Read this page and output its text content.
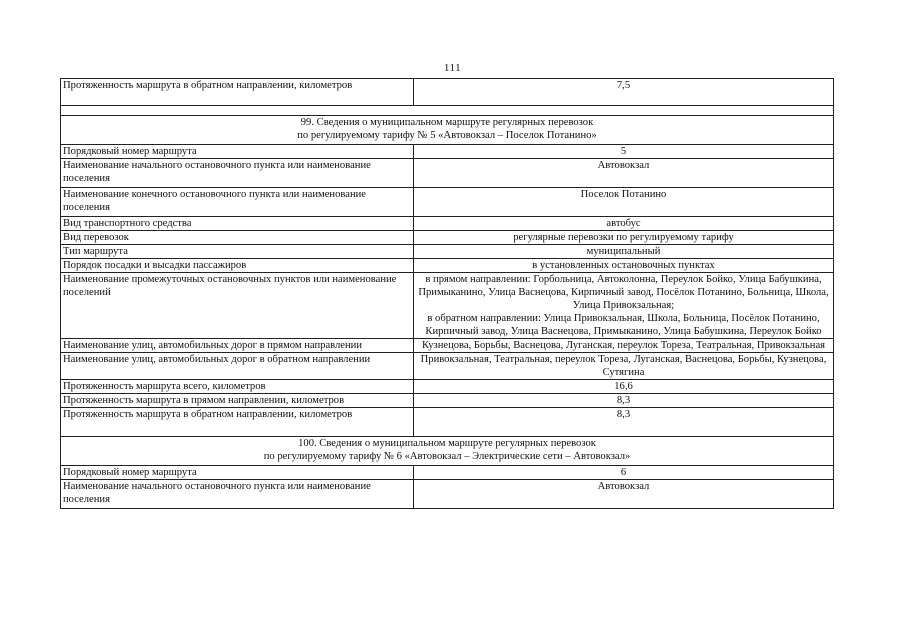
111
Протяженность маршрута в обратном направлении, километров	7,5

99. Сведения о муниципальном маршруте регулярных перевозок
по регулируемому тарифу № 5 «Автовокзал – Поселок Потанино»	

Порядковый номер маршрута	5
Наименование начального остановочного пункта или наименование поселения	Автовокзал
Наименование конечного остановочного пункта или наименование поселения	Поселок Потанино
Вид транспортного средства	автобус
Вид перевозок	регулярные перевозки по регулируемому тарифу
Тип маршрута	муниципальный
Порядок посадки и высадки пассажиров	в установленных остановочных пунктах
Наименование промежуточных остановочных пунктов или наименование поселений	в прямом направлении: Горбольница, Автоколонна, Переулок Бойко, Улица Бабушкина, Примыканино, Улица Васнецова, Кирпичный завод, Посёлок Потанино, Больница, Школа, Улица Привокзальная;
в обратном направлении: Улица Привокзальная, Школа, Больница, Посёлок Потанино, Кирпичный завод, Улица Васнецова, Примыканино, Улица Бабушкина, Переулок Бойко

Наименование улиц, автомобильных дорог в прямом направлении	Кузнецова, Борьбы, Васнецова, Луганская, переулок Тореза, Театральная, Привокзальная
Наименование улиц, автомобильных дорог в обратном направлении	Привокзальная, Театральная, переулок Тореза, Луганская, Васнецова, Борьбы, Кузнецова, Сутягина
Протяженность маршрута всего, километров	16,6
Протяженность маршрута в прямом направлении, километров	8,3
Протяженность маршрута в обратном направлении, километров	8,3

100. Сведения о муниципальном маршруте регулярных перевозок
по регулируемому тарифу № 6 «Автовокзал – Электрические сети – Автовокзал»	

Порядковый номер маршрута	6
Наименование начального остановочного пункта или наименование поселения	Автовокзал
